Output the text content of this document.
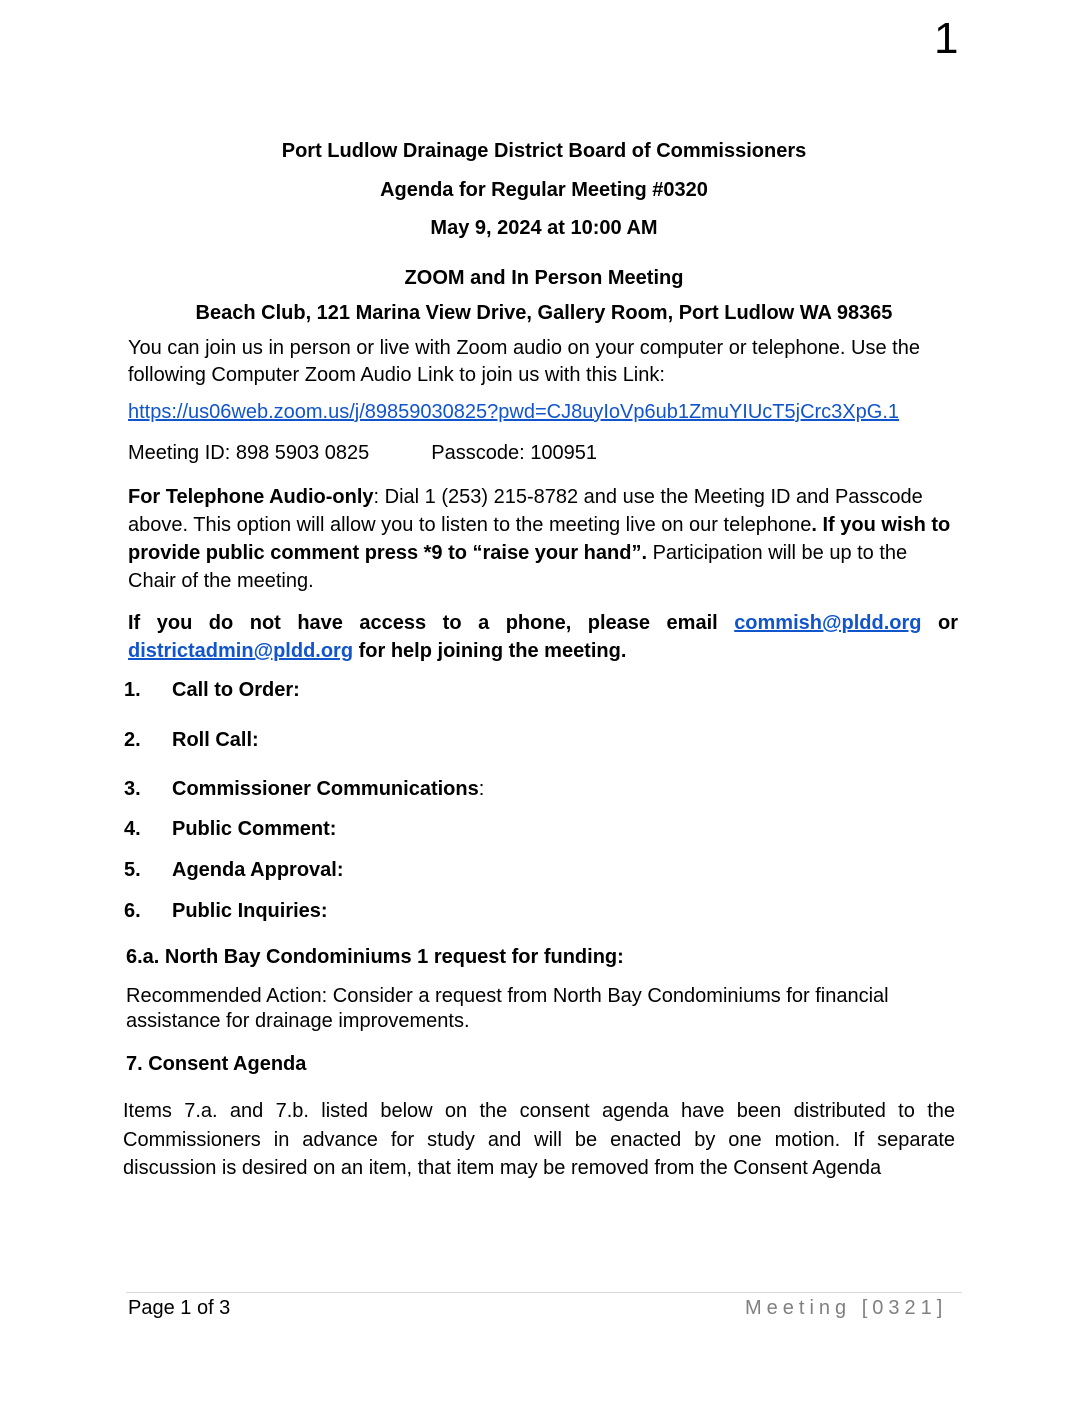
1
Port Ludlow Drainage District Board of Commissioners
Agenda for Regular Meeting #0320
May 9, 2024 at 10:00 AM
ZOOM and In Person Meeting
Beach Club, 121 Marina View Drive, Gallery Room, Port Ludlow WA 98365
You can join us in person or live with Zoom audio on your computer or telephone. Use the following Computer Zoom Audio Link to join us with this Link:
https://us06web.zoom.us/j/89859030825?pwd=CJ8uyIoVp6ub1ZmuYIUcT5jCrc3XpG.1
Meeting ID: 898 5903 0825	Passcode: 100951
For Telephone Audio-only: Dial 1 (253) 215-8782 and use the Meeting ID and Passcode above. This option will allow you to listen to the meeting live on our telephone. If you wish to provide public comment press *9 to “raise your hand”. Participation will be up to the Chair of the meeting.
If you do not have access to a phone, please email commish@pldd.org or districtadmin@pldd.org for help joining the meeting.
1. Call to Order:
2. Roll Call:
3. Commissioner Communications:
4. Public Comment:
5. Agenda Approval:
6. Public Inquiries:
6.a. North Bay Condominiums 1 request for funding:
Recommended Action: Consider a request from North Bay Condominiums for financial assistance for drainage improvements.
7. Consent Agenda
Items 7.a. and 7.b. listed below on the consent agenda have been distributed to the Commissioners in advance for study and will be enacted by one motion. If separate discussion is desired on an item, that item may be removed from the Consent Agenda
Page 1 of 3	Meeting [0321]
